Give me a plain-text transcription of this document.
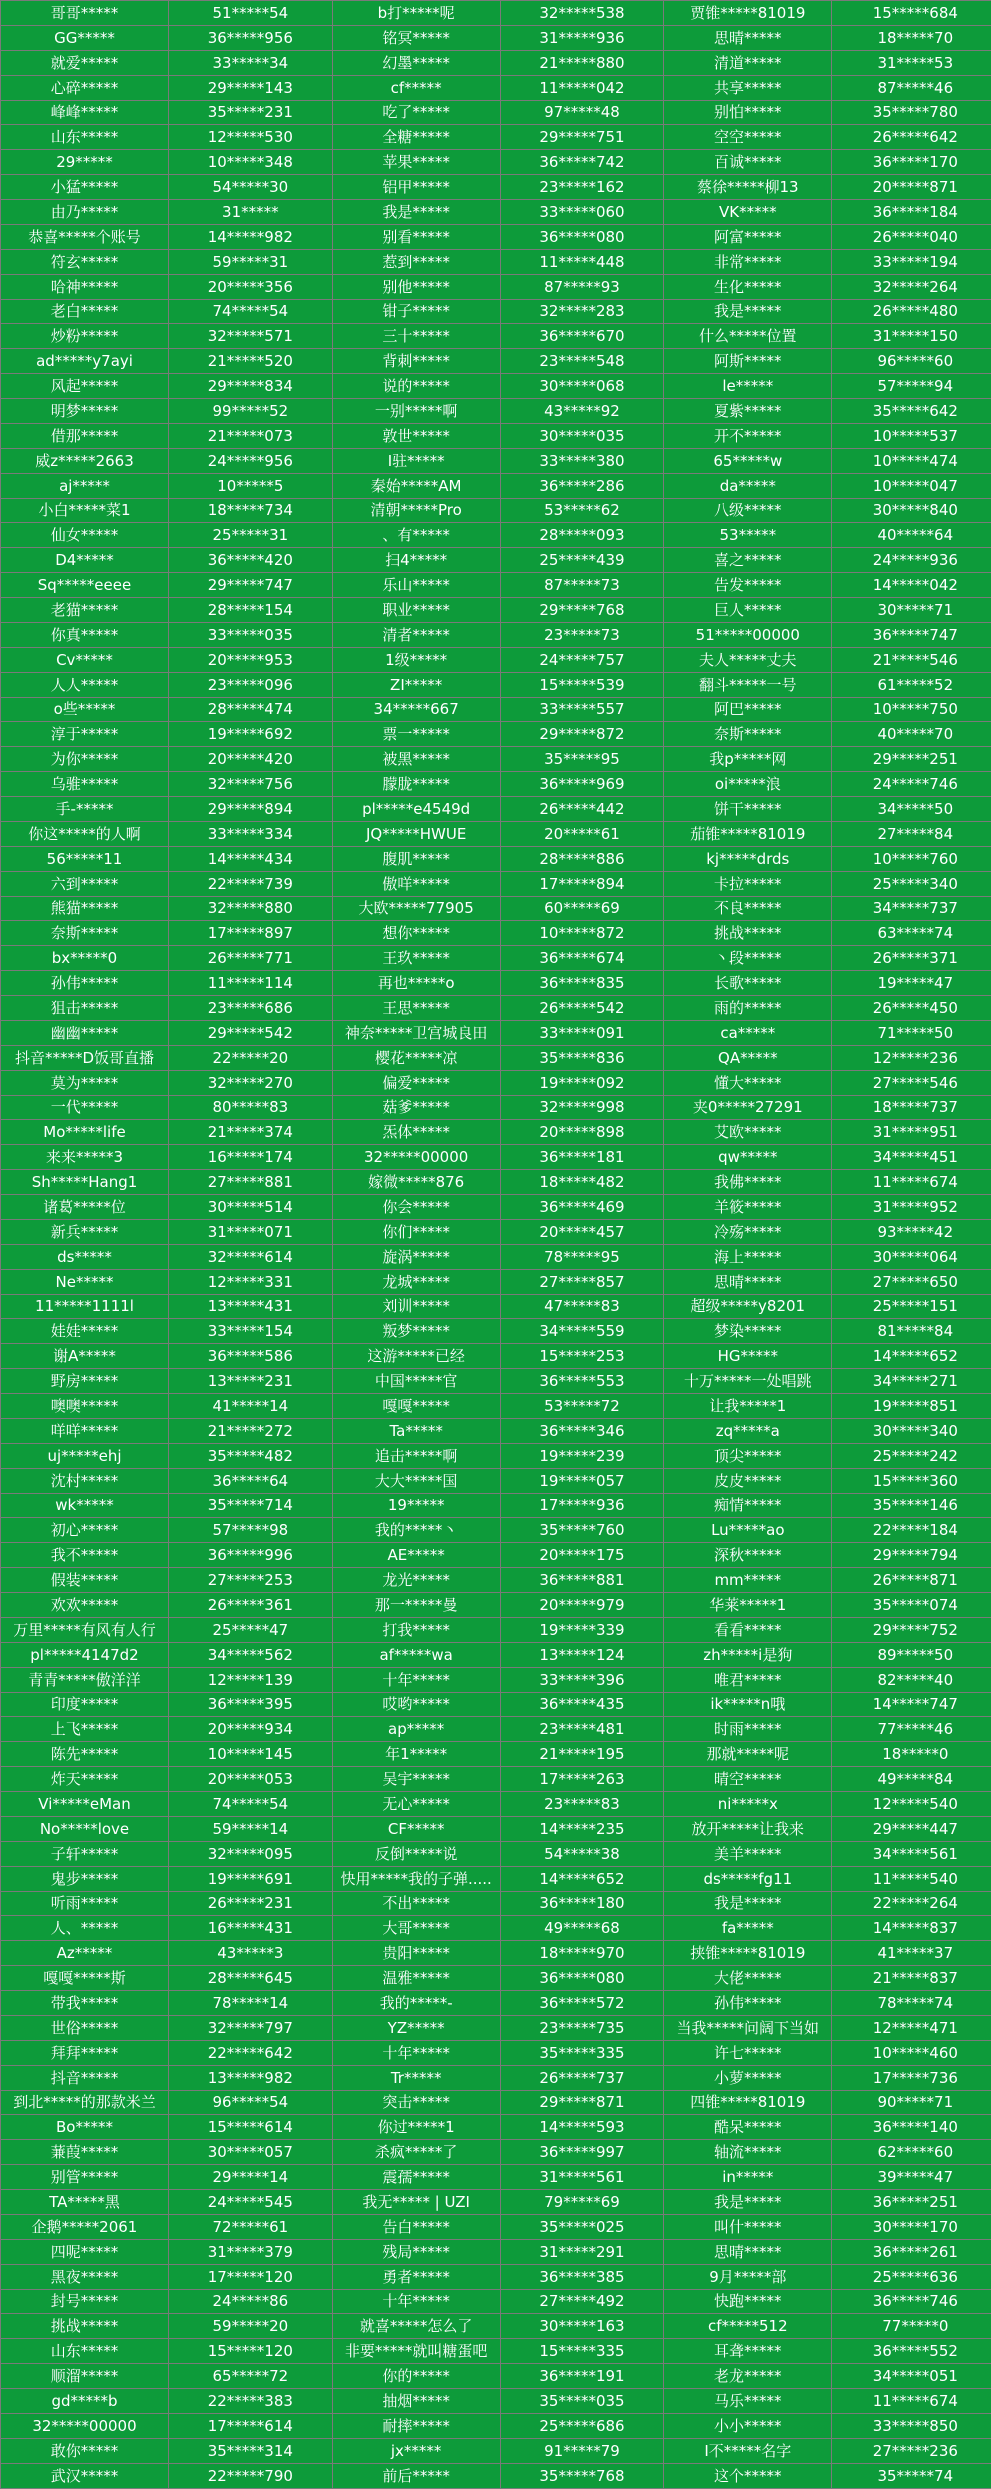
哥哥*****	51*****54	b打*****呢	32*****538	贾锥*****81019	15*****684
GG*****	36*****956	铭冥*****	31*****936	思晴*****	18*****70
就爱*****	33*****34	幻墨*****	21*****880	清道*****	31*****53
心碎*****	29*****143	cf*****	11*****042	共享*****	87*****46
峰峰*****	35*****231	吃了*****	97*****48	别怕*****	35*****780
山东*****	12*****530	全糖*****	29*****751	空空*****	26*****642
29*****	10*****348	苹果*****	36*****742	百诚*****	36*****170
小猛*****	54*****30	铝甲*****	23*****162	蔡徐*****柳13	20*****871
由乃*****	31*****	我是*****	33*****060	VK*****	36*****184
恭喜*****个账号	14*****982	别看*****	36*****080	阿富*****	26*****040
符玄*****	59*****31	惹到*****	11*****448	非常*****	33*****194
哈神*****	20*****356	别他*****	87*****93	生化*****	32*****264
老白*****	74*****54	钳子*****	32*****283	我是*****	26*****480
炒粉*****	32*****571	三十*****	36*****670	什么*****位置	31*****150
ad*****y7ayi	21*****520	背刺*****	23*****548	阿斯*****	96*****60
风起*****	29*****834	说的*****	30*****068	le*****	57*****94
明梦*****	99*****52	一别*****啊	43*****92	夏紫*****	35*****642
借那*****	21*****073	敦世*****	30*****035	开不*****	10*****537
威z*****2663	24*****956	I驻*****	33*****380	65*****w	10*****474
aj*****	10*****5	秦始*****AM	36*****286	da*****	10*****047
小白*****菜1	18*****734	清朝*****Pro	53*****62	八级*****	30*****840
仙女*****	25*****31	、有*****	28*****093	53*****	40*****64
D4*****	36*****420	扫4*****	25*****439	喜之*****	24*****936
Sq*****eeee	29*****747	乐山*****	87*****73	告发*****	14*****042
老猫*****	28*****154	职业*****	29*****768	巨人*****	30*****71
你真*****	33*****035	清者*****	23*****73	51*****00000	36*****747
Cv*****	20*****953	1级*****	24*****757	夫人*****丈夫	21*****546
人人*****	23*****096	ZI*****	15*****539	翻斗*****一号	61*****52
o些*****	28*****474	34*****667	33*****557	阿巴*****	10*****750
淳于*****	19*****692	票一*****	29*****872	奈斯*****	40*****70
为你*****	20*****420	被黑*****	35*****95	我p*****网	29*****251
乌骓*****	32*****756	朦胧*****	36*****969	oi*****浪	24*****746
手-*****	29*****894	pl*****e4549d	26*****442	饼干*****	34*****50
你这*****的人啊	33*****334	JQ*****HWUE	20*****61	茄锥*****81019	27*****84
56*****11	14*****434	腹肌*****	28*****886	kj*****drds	10*****760
六到*****	22*****739	傲咩*****	17*****894	卡拉*****	25*****340
熊猫*****	32*****880	大欧*****77905	60*****69	不良*****	34*****737
奈斯*****	17*****897	想你*****	10*****872	挑战*****	63*****74
bx*****0	26*****771	王玖*****	36*****674	丶段*****	26*****371
孙伟*****	11*****114	再也*****o	36*****835	长歌*****	19*****47
狙击*****	23*****686	王思*****	26*****542	雨的*****	26*****450
幽幽*****	29*****542	神奈*****卫宫城良田	33*****091	ca*****	71*****50
抖音*****D饭哥直播	22*****20	樱花*****凉	35*****836	QA*****	12*****236
莫为*****	32*****270	偏爱*****	19*****092	懂大*****	27*****546
一代*****	80*****83	菇爹*****	32*****998	夹0*****27291	18*****737
Mo*****life	21*****374	炁体*****	20*****898	艾欧*****	31*****951
来来*****3	16*****174	32*****00000	36*****181	qw*****	34*****451
Sh*****Hang1	27*****881	嫁微*****876	18*****482	我佛*****	11*****674
诸葛*****位	30*****514	你会*****	36*****469	羊筱*****	31*****952
新兵*****	31*****071	你们*****	20*****457	冷殇*****	93*****42
ds*****	32*****614	旋涡*****	78*****95	海上*****	30*****064
Ne*****	12*****331	龙城*****	27*****857	思晴*****	27*****650
11*****1111l	13*****431	刘训*****	47*****83	超级*****y8201	25*****151
娃娃*****	33*****154	叛梦*****	34*****559	梦染*****	81*****84
谢A*****	36*****586	这游*****已经	15*****253	HG*****	14*****652
野房*****	13*****231	中国*****官	36*****553	十万*****一处唱跳	34*****271
噢噢*****	41*****14	嘎嘎*****	53*****72	让我*****1	19*****851
咩咩*****	21*****272	Ta*****	36*****346	zq*****a	30*****340
uj*****ehj	35*****482	追击*****啊	19*****239	顶尖*****	25*****242
沈村*****	36*****64	大大*****国	19*****057	皮皮*****	15*****360
wk*****	35*****714	19*****	17*****936	痴情*****	35*****146
初心*****	57*****98	我的*****丶	35*****760	Lu*****ao	22*****184
我不*****	36*****996	AE*****	20*****175	深秋*****	29*****794
假装*****	27*****253	龙光*****	36*****881	mm*****	26*****871
欢欢*****	26*****361	那一*****曼	20*****979	华莱*****1	35*****074
万里*****有风有人行	25*****47	打我*****	19*****339	看看*****	29*****752
pl*****4147d2	34*****562	af*****wa	13*****124	zh*****i是狗	89*****50
青青*****傲洋洋	12*****139	十年*****	33*****396	唯君*****	82*****40
印度*****	36*****395	哎哟*****	36*****435	ik*****n哦	14*****747
上飞*****	20*****934	ap*****	23*****481	时雨*****	77*****46
陈先*****	10*****145	年1*****	21*****195	那就*****呢	18*****0
炸天*****	20*****053	吴宇*****	17*****263	晴空*****	49*****84
Vi*****eMan	74*****54	无心*****	23*****83	ni*****x	12*****540
No*****love	59*****14	CF*****	14*****235	放开*****让我来	29*****447
子轩*****	32*****095	反倒*****说	54*****38	美羊*****	34*****561
鬼步*****	19*****691	快用*****我的子弹.....	14*****652	ds*****fg11	11*****540
听雨*****	26*****231	不出*****	36*****180	我是*****	22*****264
人、*****	16*****431	大哥*****	49*****68	fa*****	14*****837
Az*****	43*****3	贵阳*****	18*****970	挟锥*****81019	41*****37
嘎嘎*****斯	28*****645	温雅*****	36*****080	大佬*****	21*****837
带我*****	78*****14	我的*****-	36*****572	孙伟*****	78*****74
世俗*****	32*****797	YZ*****	23*****735	当我*****问阔下当如	12*****471
拜拜*****	22*****642	十年*****	35*****335	许七*****	10*****460
抖音*****	13*****982	Tr*****	26*****737	小萝*****	17*****736
到北*****的那款米兰	96*****54	突击*****	29*****871	四锥*****81019	90*****71
Bo*****	15*****614	你过*****1	14*****593	酷呆*****	36*****140
蒹葭*****	30*****057	杀疯*****了	36*****997	轴流*****	62*****60
别管*****	29*****14	震孺*****	31*****561	in*****	39*****47
TA*****黑	24*****545	我无***** | UZI	79*****69	我是*****	36*****251
企鹅*****2061	72*****61	告白*****	35*****025	叫什*****	30*****170
四呢*****	31*****379	残局*****	31*****291	思晴*****	36*****261
黑夜*****	17*****120	勇者*****	36*****385	9月*****部	25*****636
封号*****	24*****86	十年*****	27*****492	快跑*****	36*****746
挑战*****	59*****20	就喜*****怎么了	30*****163	cf*****512	77*****0
山东*****	15*****120	非要*****就叫糖蛋吧	15*****335	耳聋*****	36*****552
顺溜*****	65*****72	你的*****	36*****191	老龙*****	34*****051
gd*****b	22*****383	抽烟*****	35*****035	马乐*****	11*****674
32*****00000	17*****614	耐摔*****	25*****686	小小*****	33*****850
敢你*****	35*****314	jx*****	91*****79	I不*****名字	27*****236
武汉*****	22*****790	前后*****	35*****768	这个*****	35*****74
